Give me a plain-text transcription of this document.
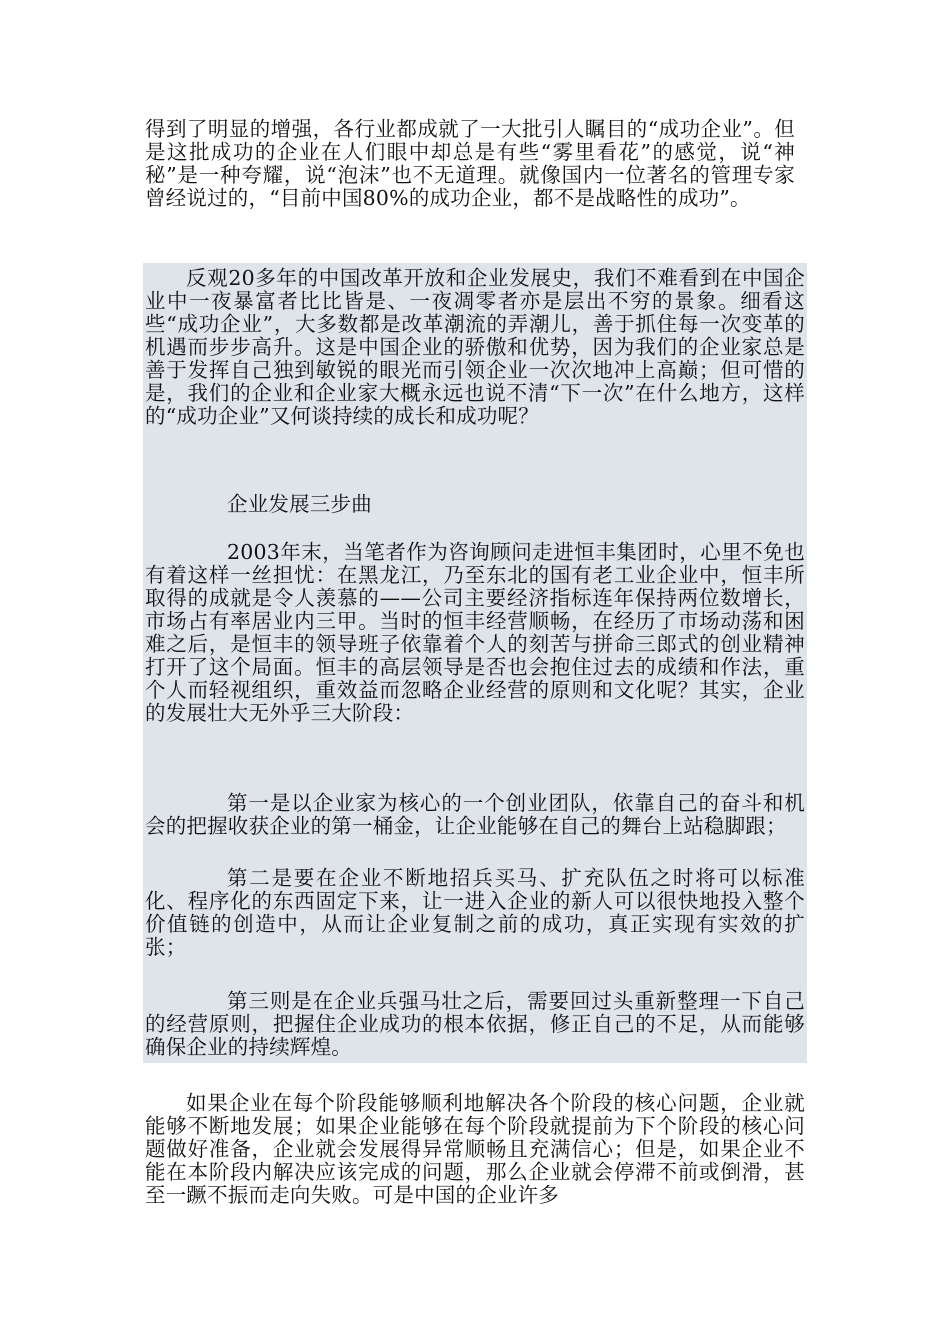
得到了明显的增强，各行业都成就了一大批引人瞩目的“成功企业”。但是这批成功的企业在人们眼中却总是有些“雾里看花”的感觉，说“神秘”是一种夸耀，说“泡沫”也不无道理。就像国内一位著名的管理专家曾经说过的，“目前中国80%的成功企业，都不是战略性的成功”。

反观20多年的中国改革开放和企业发展史，我们不难看到在中国企业中一夜暴富者比比皆是、一夜凋零者亦是层出不穷的景象。细看这些“成功企业”，大多数都是改革潮流的弄潮儿，善于抓住每一次变革的机遇而步步高升。这是中国企业的骄傲和优势，因为我们的企业家总是善于发挥自己独到敏锐的眼光而引领企业一次次地冲上高巅；但可惜的是，我们的企业和企业家大概永远也说不清“下一次”在什么地方，这样的“成功企业”又何谈持续的成长和成功呢？

企业发展三步曲

2003年末，当笔者作为咨询顾问走进恒丰集团时，心里不免也有着这样一丝担忧：在黑龙江，乃至东北的国有老工业企业中，恒丰所取得的成就是令人羡慕的——公司主要经济指标连年保持两位数增长，市场占有率居业内三甲。当时的恒丰经营顺畅，在经历了市场动荡和困难之后，是恒丰的领导班子依靠着个人的刻苦与拼命三郎式的创业精神打开了这个局面。恒丰的高层领导是否也会抱住过去的成绩和作法，重个人而轻视组织，重效益而忽略企业经营的原则和文化呢？其实，企业的发展壮大无外乎三大阶段：

第一是以企业家为核心的一个创业团队，依靠自己的奋斗和机会的把握收获企业的第一桶金，让企业能够在自己的舞台上站稳脚跟；

第二是要在企业不断地招兵买马、扩充队伍之时将可以标准化、程序化的东西固定下来，让一进入企业的新人可以很快地投入整个价值链的创造中，从而让企业复制之前的成功，真正实现有实效的扩张；

第三则是在企业兵强马壮之后，需要回过头重新整理一下自己的经营原则，把握住企业成功的根本依据，修正自己的不足，从而能够确保企业的持续辉煌。

如果企业在每个阶段能够顺利地解决各个阶段的核心问题，企业就能够不断地发展；如果企业能够在每个阶段就提前为下个阶段的核心问题做好准备，企业就会发展得异常顺畅且充满信心；但是，如果企业不能在本阶段内解决应该完成的问题，那么企业就会停滞不前或倒滑，甚至一蹶不振而走向失败。可是中国的企业许多
